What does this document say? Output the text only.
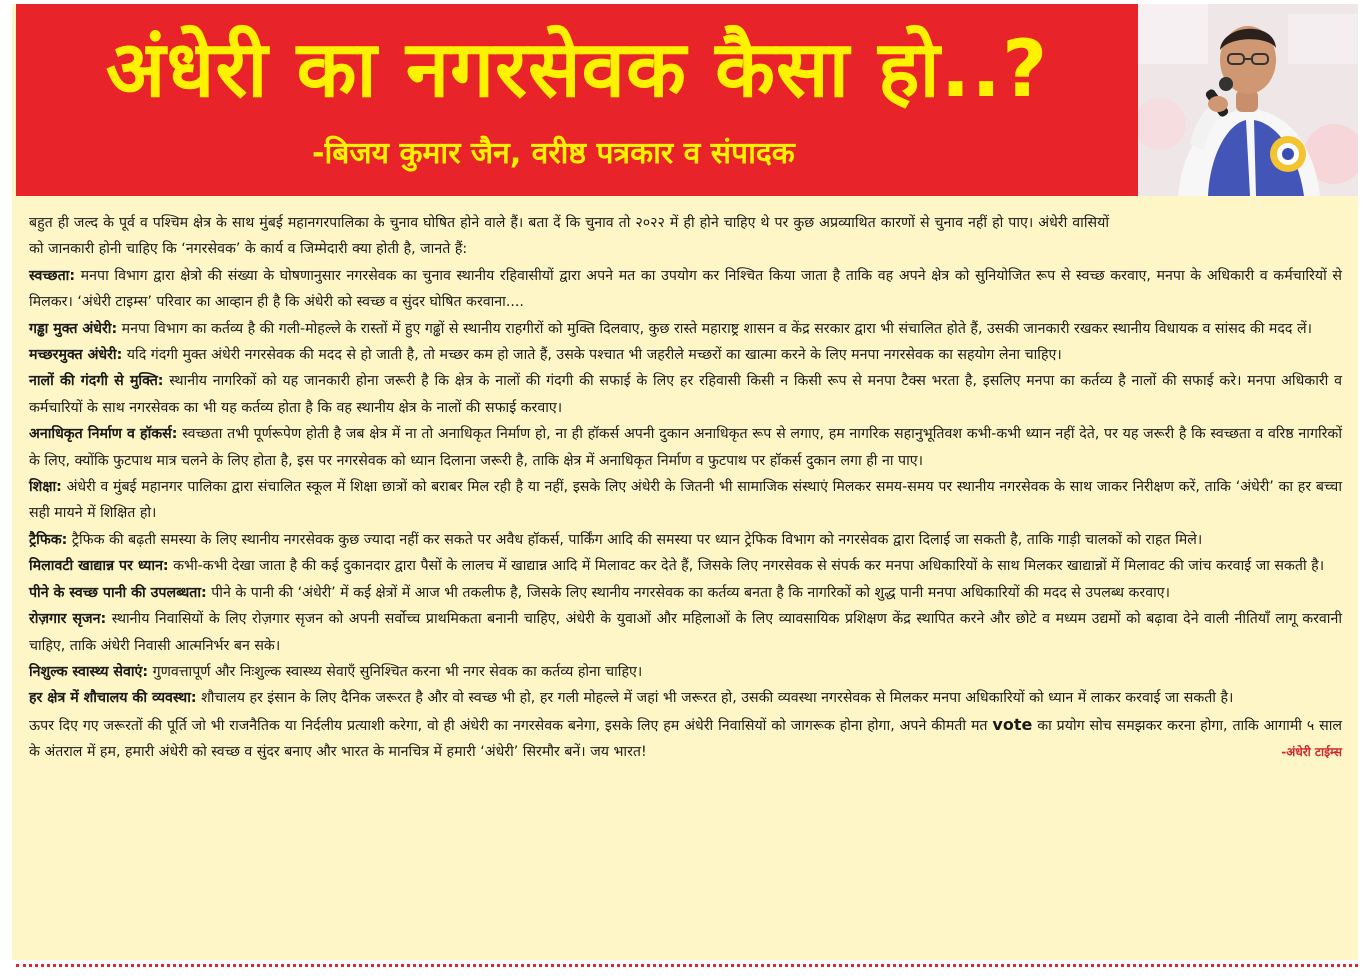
अंधेरी का नगरसेवक कैसा हो..?
-बिजय कुमार जैन, वरीष्ठ पत्रकार व संपादक

बहुत ही जल्द के पूर्व व पश्चिम क्षेत्र के साथ मुंबई महानगरपालिका के चुनाव घोषित होने वाले हैं। बता दें कि चुनाव तो २०२२ में ही होने चाहिए थे पर कुछ अप्रव्याथित कारणों से चुनाव नहीं हो पाए। अंधेरी वासियों को जानकारी होनी चाहिए कि ‘नगरसेवक’ के कार्य व जिम्मेदारी क्या होती है, जानते हैं:

स्वच्छता: मनपा विभाग द्वारा क्षेत्रो की संख्या के घोषणानुसार नगरसेवक का चुनाव स्थानीय रहिवासीयों द्वारा अपने मत का उपयोग कर निश्चित किया जाता है ताकि वह अपने क्षेत्र को सुनियोजित रूप से स्वच्छ करवाए, मनपा के अधिकारी व कर्मचारियों से मिलकर। ‘अंधेरी टाइम्स’ परिवार का आव्हान ही है कि अंधेरी को स्वच्छ व सुंदर घोषित करवाना....

गड्ढा मुक्त अंधेरी: मनपा विभाग का कर्तव्य है की गली-मोहल्ले के रास्तों में हुए गढ्ढों से स्थानीय राहगीरों को मुक्ति दिलवाए, कुछ रास्ते महाराष्ट्र शासन व केंद्र सरकार द्वारा भी संचालित होते हैं, उसकी जानकारी रखकर स्थानीय विधायक व सांसद की मदद लें।

मच्छरमुक्त अंधेरी: यदि गंदगी मुक्त अंधेरी नगरसेवक की मदद से हो जाती है, तो मच्छर कम हो जाते हैं, उसके पश्चात भी जहरीले मच्छरों का खात्मा करने के लिए मनपा नगरसेवक का सहयोग लेना चाहिए।

नालों की गंदगी से मुक्ति: स्थानीय नागरिकों को यह जानकारी होना जरूरी है कि क्षेत्र के नालों की गंदगी की सफाई के लिए हर रहिवासी किसी न किसी रूप से मनपा टैक्स भरता है, इसलिए मनपा का कर्तव्य है नालों की सफाई करे। मनपा अधिकारी व कर्मचारियों के साथ नगरसेवक का भी यह कर्तव्य होता है कि वह स्थानीय क्षेत्र के नालों की सफाई करवाए।

अनाधिकृत निर्माण व हॉकर्स: स्वच्छता तभी पूर्णरूपेण होती है जब क्षेत्र में ना तो अनाधिकृत निर्माण हो, ना ही हॉकर्स अपनी दुकान अनाधिकृत रूप से लगाए, हम नागरिक सहानुभूतिवश कभी-कभी ध्यान नहीं देते, पर यह जरूरी है कि स्वच्छता व वरिष्ठ नागरिकों के लिए, क्योंकि फुटपाथ मात्र चलने के लिए होता है, इस पर नगरसेवक को ध्यान दिलाना जरूरी है, ताकि क्षेत्र में अनाधिकृत निर्माण व फुटपाथ पर हॉकर्स दुकान लगा ही ना पाए।

शिक्षा: अंधेरी व मुंबई महानगर पालिका द्वारा संचालित स्कूल में शिक्षा छात्रों को बराबर मिल रही है या नहीं, इसके लिए अंधेरी के जितनी भी सामाजिक संस्थाएं मिलकर समय-समय पर स्थानीय नगरसेवक के साथ जाकर निरीक्षण करें, ताकि ‘अंधेरी’ का हर बच्चा सही मायने में शिक्षित हो।

ट्रैफिक: ट्रैफिक की बढ़ती समस्या के लिए स्थानीय नगरसेवक कुछ ज्यादा नहीं कर सकते पर अवैध हॉकर्स, पार्किंग आदि की समस्या पर ध्यान ट्रेफिक विभाग को नगरसेवक द्वारा दिलाई जा सकती है, ताकि गाड़ी चालकों को राहत मिले।

मिलावटी खाद्यान्न पर ध्यान: कभी-कभी देखा जाता है की कई दुकानदार द्वारा पैसों के लालच में खाद्यान्न आदि में मिलावट कर देते हैं, जिसके लिए नगरसेवक से संपर्क कर मनपा अधिकारियों के साथ मिलकर खाद्यान्नों में मिलावट की जांच करवाई जा सकती है।

पीने के स्वच्छ पानी की उपलब्धता: पीने के पानी की ‘अंधेरी’ में कई क्षेत्रों में आज भी तकलीफ है, जिसके लिए स्थानीय नगरसेवक का कर्तव्य बनता है कि नागरिकों को शुद्ध पानी मनपा अधिकारियों की मदद से उपलब्ध करवाए।

रोज़गार सृजन: स्थानीय निवासियों के लिए रोज़गार सृजन को अपनी सर्वोच्च प्राथमिकता बनानी चाहिए, अंधेरी के युवाओं और महिलाओं के लिए व्यावसायिक प्रशिक्षण केंद्र स्थापित करने और छोटे व मध्यम उद्यमों को बढ़ावा देने वाली नीतियाँ लागू करवानी चाहिए, ताकि अंधेरी निवासी आत्मनिर्भर बन सके।

निशुल्क स्वास्थ्य सेवाएं: गुणवत्तापूर्ण और निःशुल्क स्वास्थ्य सेवाएँ सुनिश्चित करना भी नगर सेवक का कर्तव्य होना चाहिए।

हर क्षेत्र में शौचालय की व्यवस्था: शौचालय हर इंसान के लिए दैनिक जरूरत है और वो स्वच्छ भी हो, हर गली मोहल्ले में जहां भी जरूरत हो, उसकी व्यवस्था नगरसेवक से मिलकर मनपा अधिकारियों को ध्यान में लाकर करवाई जा सकती है।

ऊपर दिए गए जरूरतों की पूर्ति जो भी राजनैतिक या निर्दलीय प्रत्याशी करेगा, वो ही अंधेरी का नगरसेवक बनेगा, इसके लिए हम अंधेरी निवासियों को जागरूक होना होगा, अपने कीमती मत vote का प्रयोग सोच समझकर करना होगा, ताकि आगामी ५ साल के अंतराल में हम, हमारी अंधेरी को स्वच्छ व सुंदर बनाए और भारत के मानचित्र में हमारी ‘अंधेरी’ सिरमौर बनें। जय भारत!	-अंधेरी टाईम्स
